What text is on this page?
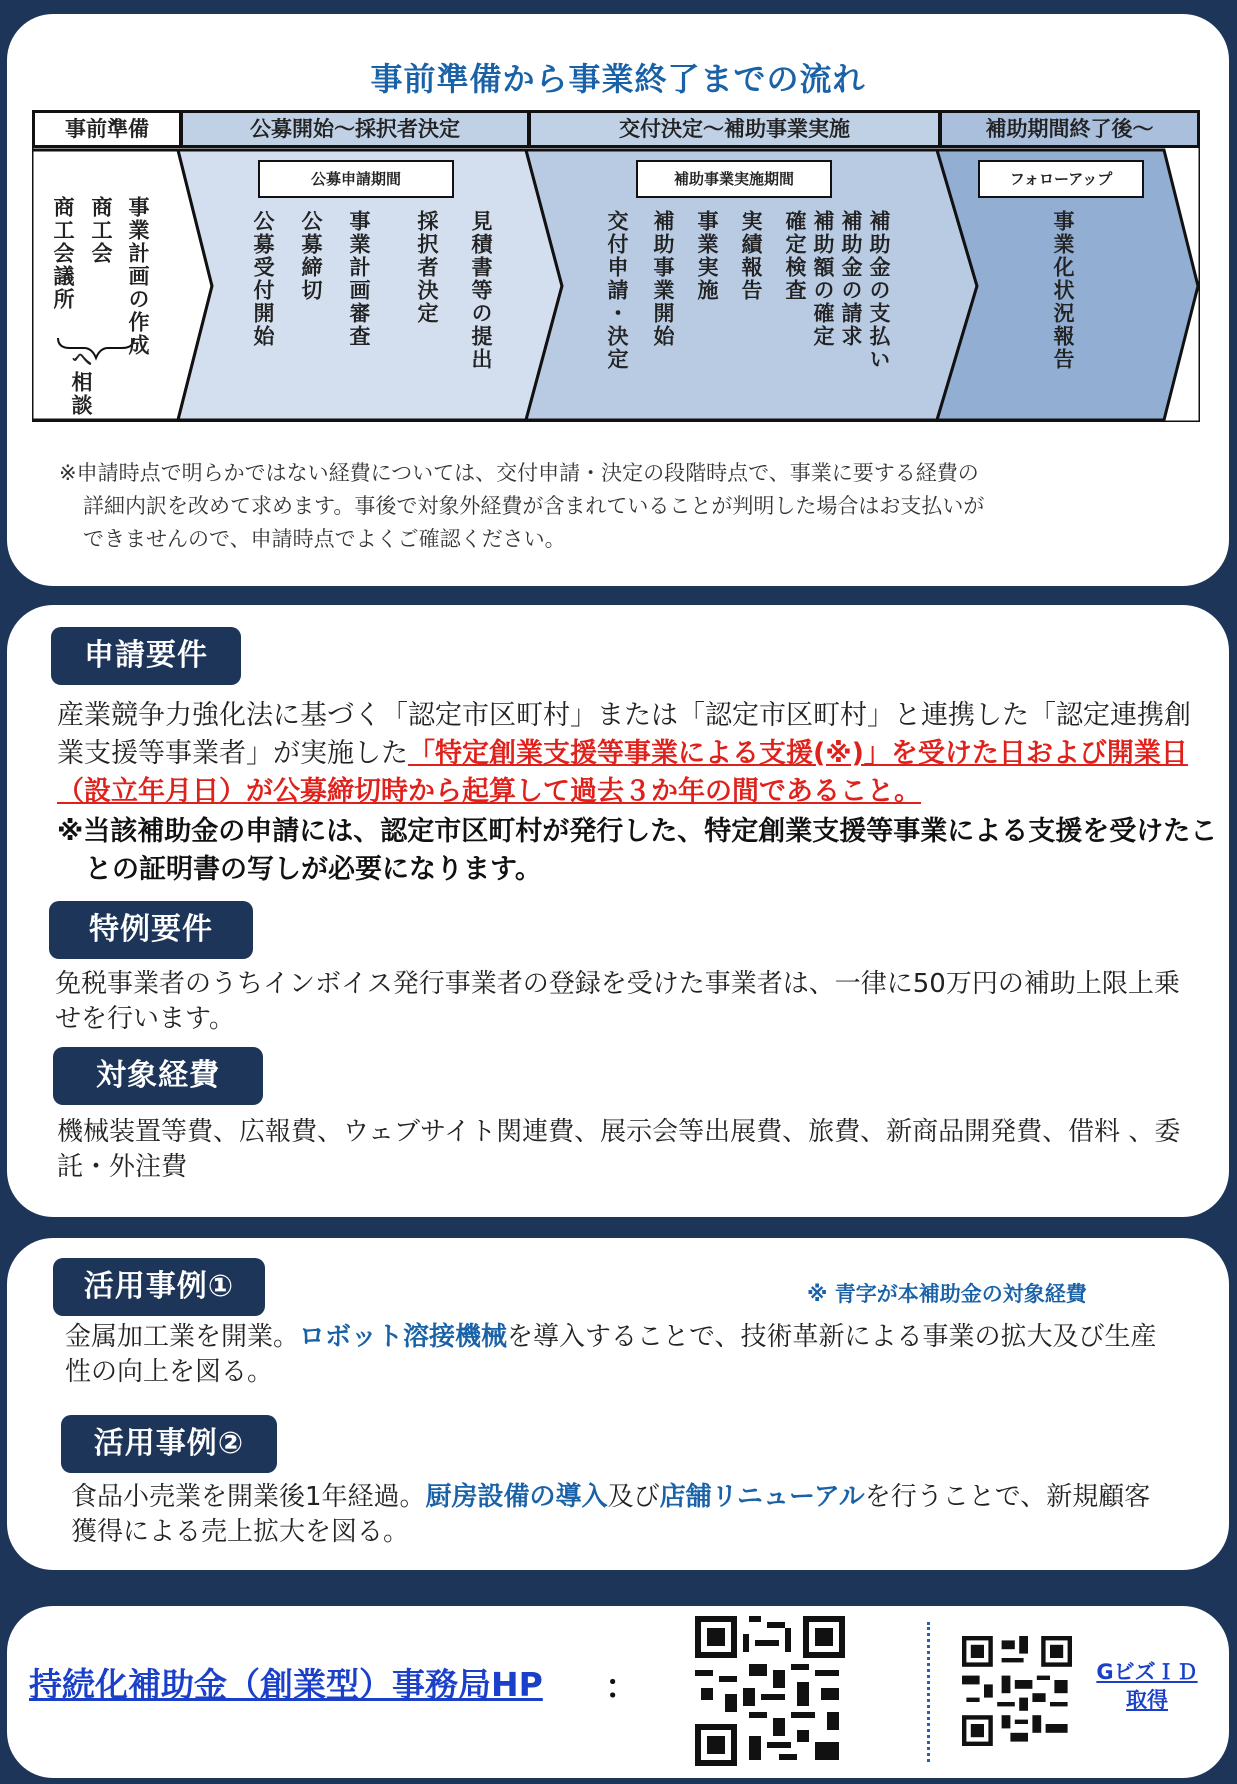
事前準備から事業終了までの流れ
事前準備	公募開始～採択者決定	交付決定～補助事業実施	補助期間終了後～
公募申請期間	補助事業実施期間	フォローアップ
事業計画の作成
商工会
商工会議所
へ相談
見積書等の提出
採択者決定
事業計画審査
公募締切
公募受付開始	補助金の支払い
補助金の請求
補助額の確定
確定検査
実績報告
事業実施
補助事業開始
交付申請・決定	事業化状況報告
※申請時点で明らかではない経費については、交付申請・決定の段階時点で、事業に要する経費の
詳細内訳を改めて求めます。事後で対象外経費が含まれていることが判明した場合はお支払いが
できませんので、申請時点でよくご確認ください。
申請要件
産業競争力強化法に基づく「認定市区町村」または「認定市区町村」と連携した「認定連携創業支援等事業者」が実施した「特定創業支援等事業による支援(※)」を受けた日および開業日（設立年月日）が公募締切時から起算して過去３か年の間であること。
※当該補助金の申請には、認定市区町村が発行した、特定創業支援等事業による支援を受けたことの証明書の写しが必要になります。
特例要件
免税事業者のうちインボイス発行事業者の登録を受けた事業者は、一律に50万円の補助上限上乗せを行います。
対象経費
機械装置等費、広報費、ウェブサイト関連費、展示会等出展費、旅費、新商品開発費、借料 、委託・外注費
活用事例①	※ 青字が本補助金の対象経費
金属加工業を開業。ロボット溶接機械を導入することで、技術革新による事業の拡大及び生産性の向上を図る。
活用事例②
食品小売業を開業後1年経過。厨房設備の導入及び店舗リニューアルを行うことで、新規顧客獲得による売上拡大を図る。
持続化補助金（創業型）事務局HP ：	GビズＩＤ
取得
